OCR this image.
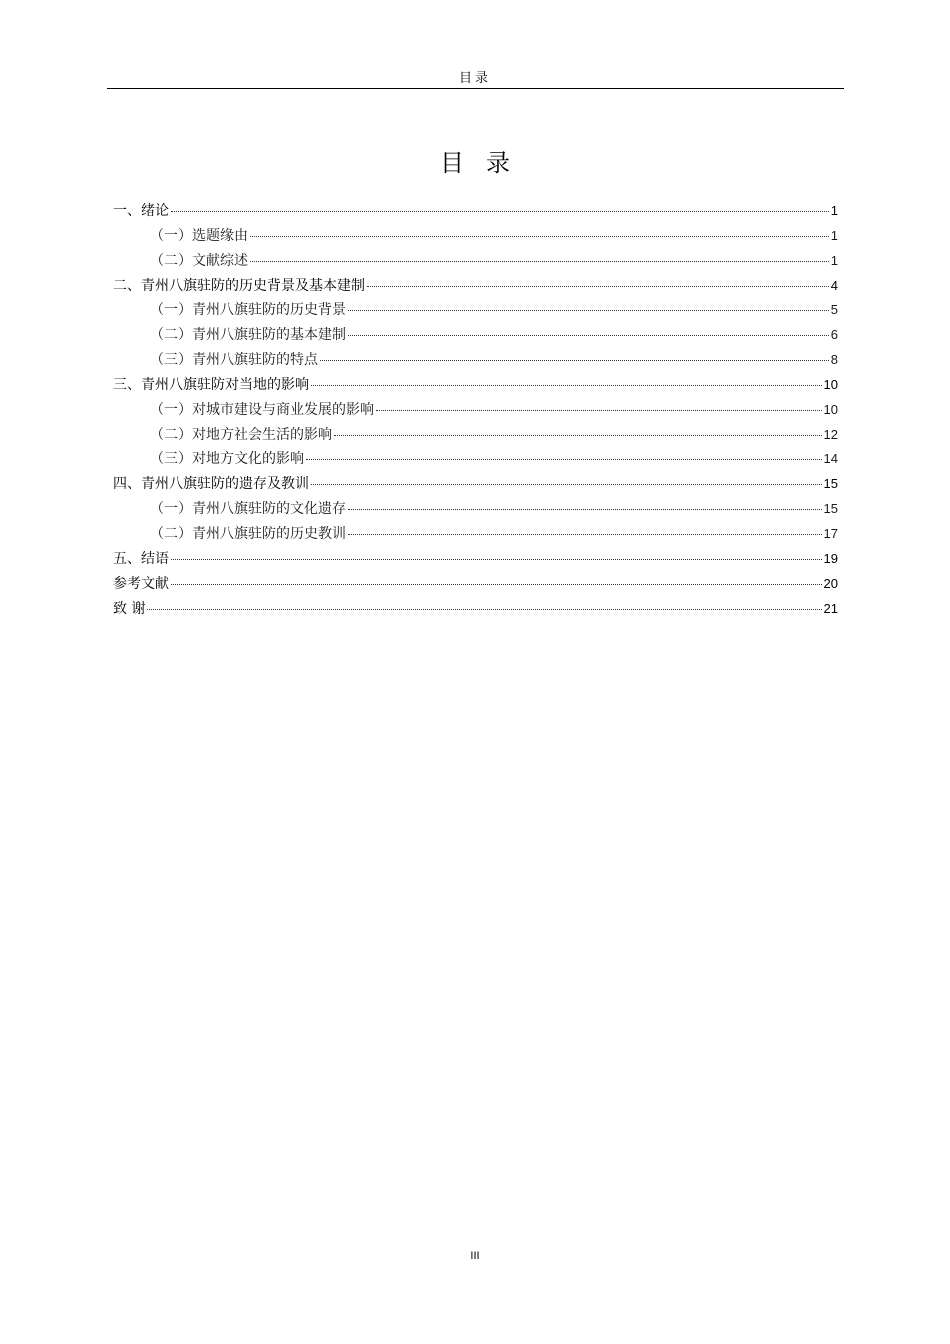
目录
目录
一、绪论	1
（一）选题缘由	1
（二）文献综述	1
二、青州八旗驻防的历史背景及基本建制	4
（一）青州八旗驻防的历史背景	5
（二）青州八旗驻防的基本建制	6
（三）青州八旗驻防的特点	8
三、青州八旗驻防对当地的影响	10
（一）对城市建设与商业发展的影响	10
（二）对地方社会生活的影响	12
（三）对地方文化的影响	14
四、青州八旗驻防的遗存及教训	15
（一）青州八旗驻防的文化遗存	15
（二）青州八旗驻防的历史教训	17
五、结语	19
参考文献	20
致 谢	21
III
